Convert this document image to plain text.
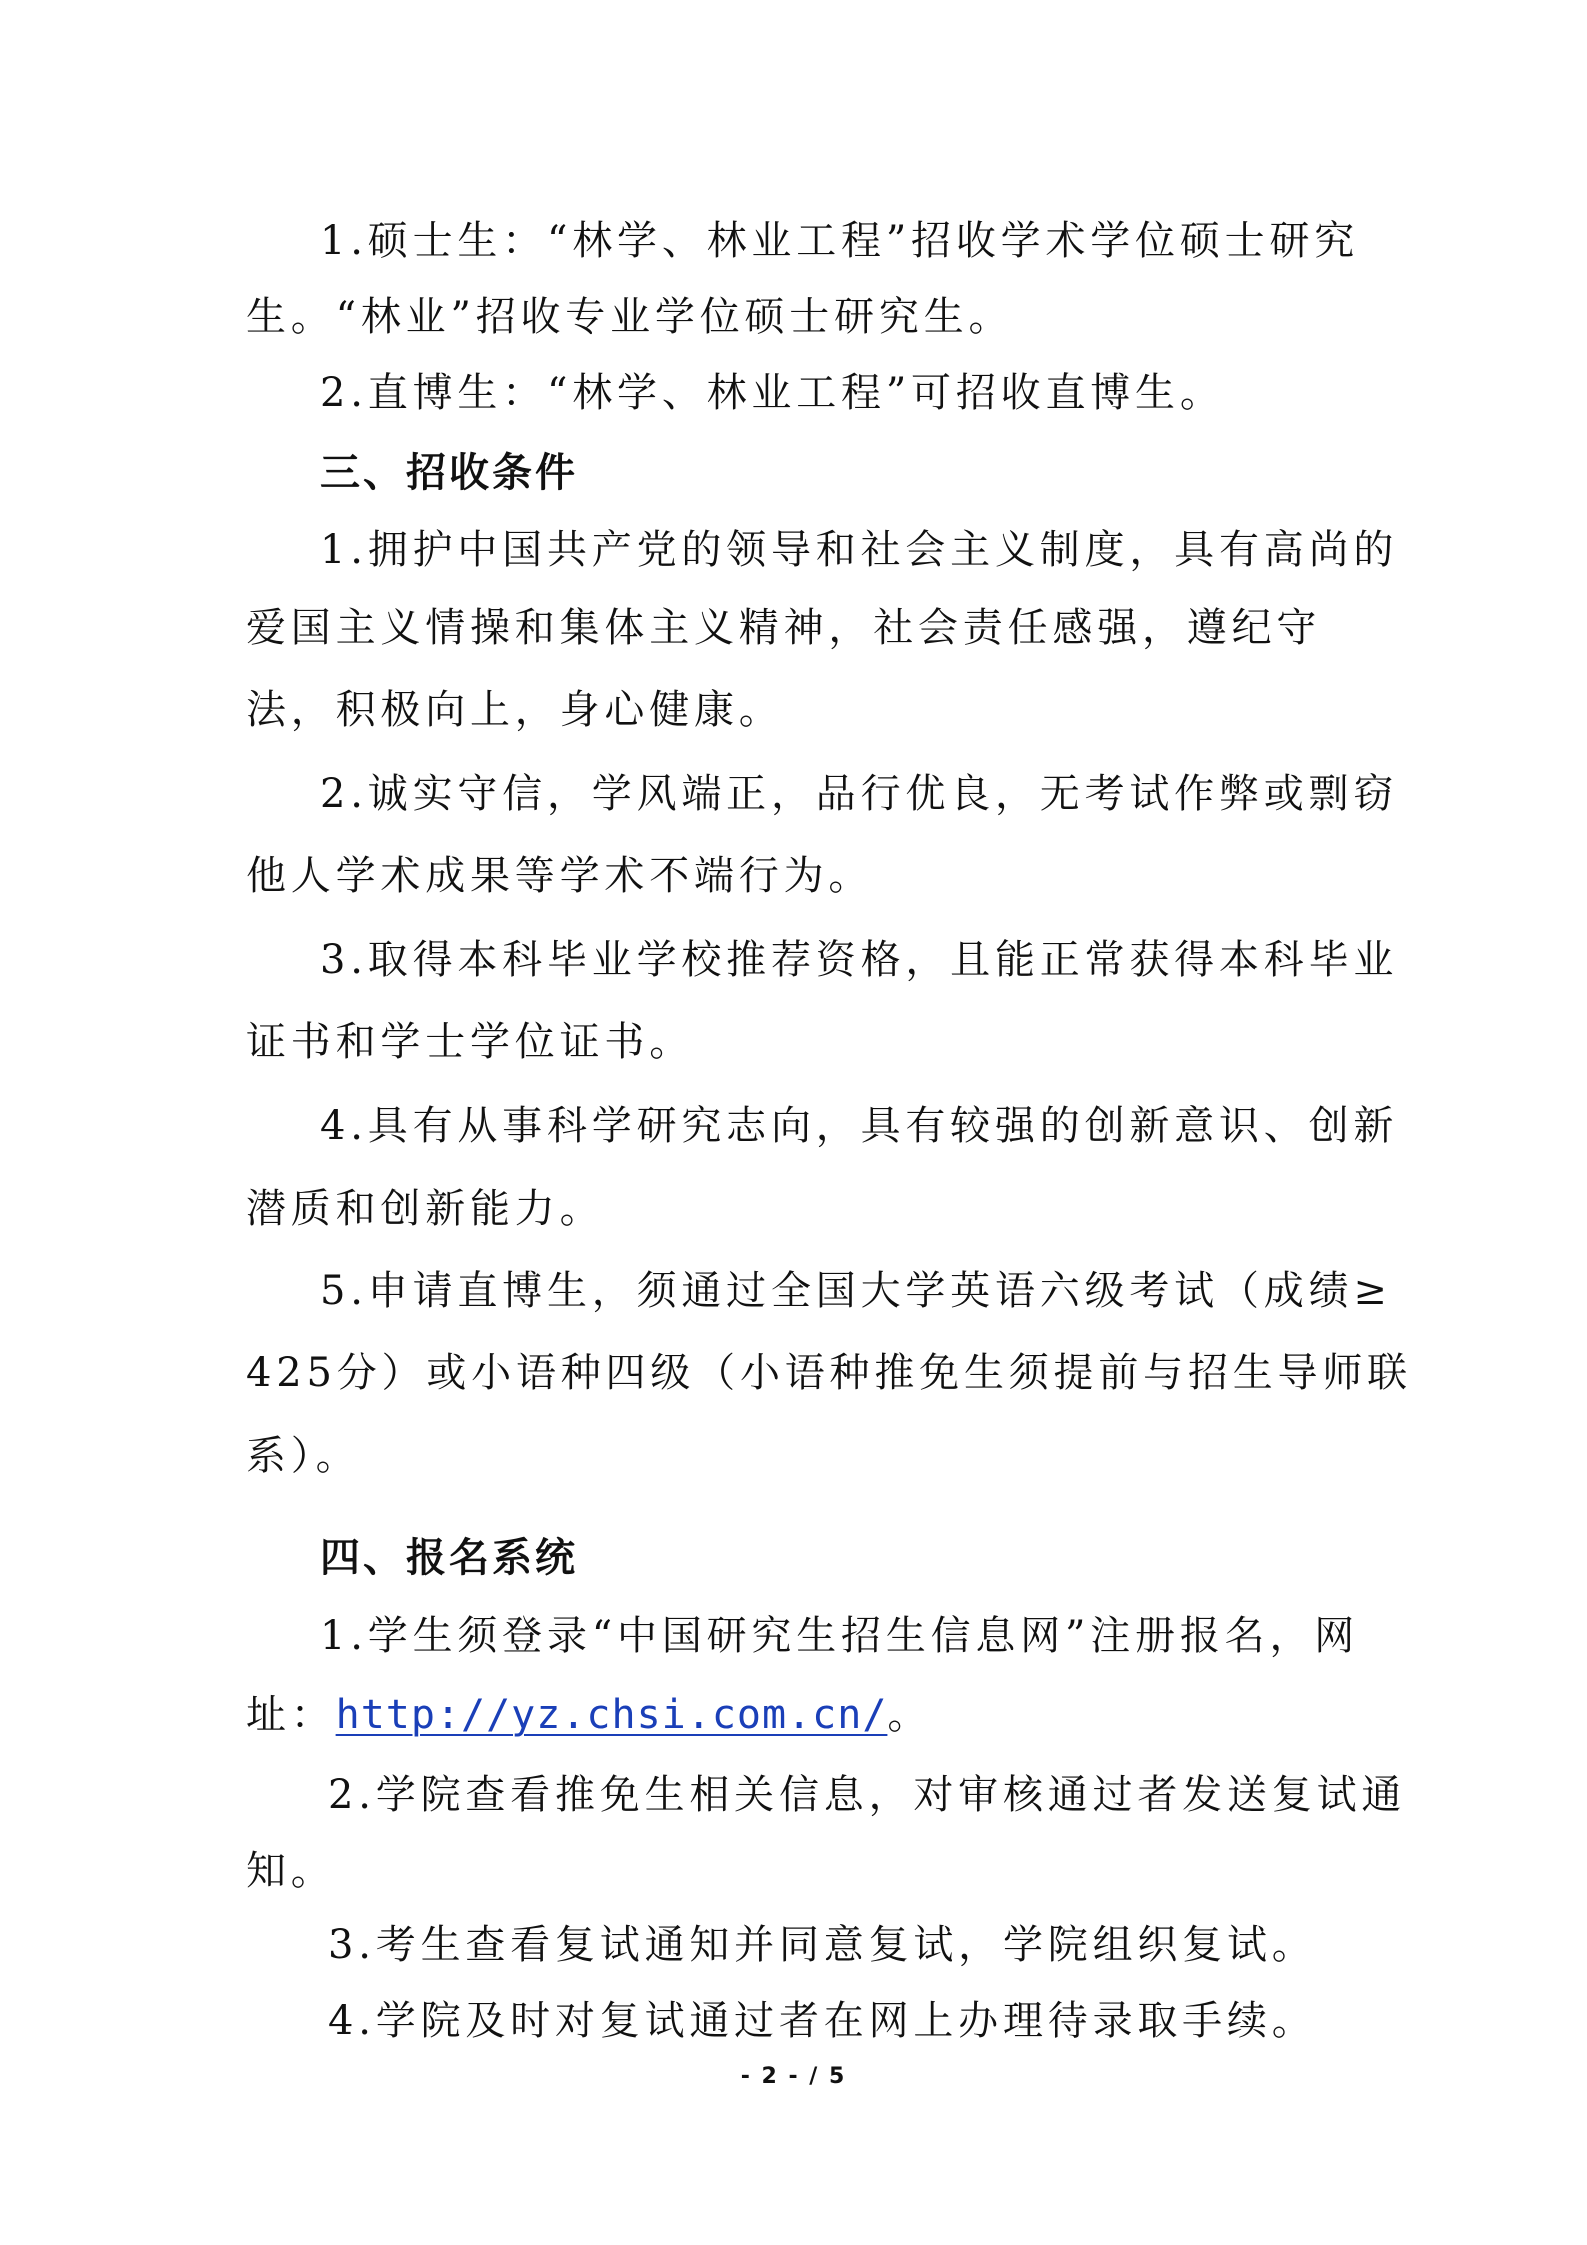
1.硕士生：“林学、林业工程”招收学术学位硕士研究
生。“林业”招收专业学位硕士研究生。
2.直博生：“林学、林业工程”可招收直博生。
三、招收条件
1.拥护中国共产党的领导和社会主义制度，具有高尚的
爱国主义情操和集体主义精神，社会责任感强，遵纪守
法，积极向上，身心健康。
2.诚实守信，学风端正，品行优良，无考试作弊或剽窃
他人学术成果等学术不端行为。
3.取得本科毕业学校推荐资格，且能正常获得本科毕业
证书和学士学位证书。
4.具有从事科学研究志向，具有较强的创新意识、创新
潜质和创新能力。
5.申请直博生，须通过全国大学英语六级考试（成绩≥
425分）或小语种四级（小语种推免生须提前与招生导师联
系）。
四、报名系统
1.学生须登录“中国研究生招生信息网”注册报名，网
址：http://yz.chsi.com.cn/。
2.学院查看推免生相关信息，对审核通过者发送复试通
知。
3.考生查看复试通知并同意复试，学院组织复试。
4.学院及时对复试通过者在网上办理待录取手续。
- 2 - / 5
